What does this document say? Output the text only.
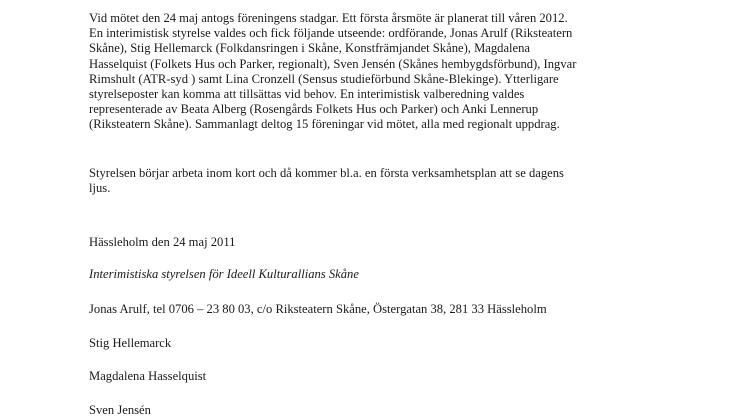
Vid mötet den 24 maj antogs föreningens stadgar. Ett första årsmöte är planerat till våren 2012.
En interimistisk styrelse valdes och fick följande utseende: ordförande, Jonas Arulf (Riksteatern
Skåne), Stig Hellemarck (Folkdansringen i Skåne, Konstfrämjandet Skåne), Magdalena
Hasselquist (Folkets Hus och Parker, regionalt), Sven Jensén (Skånes hembygdsförbund), Ingvar
Rimshult (ATR-syd ) samt Lina Cronzell (Sensus studieförbund Skåne-Blekinge). Ytterligare
styrelseposter kan komma att tillsättas vid behov. En interimistisk valberedning valdes
representerade av Beata Alberg (Rosengårds Folkets Hus och Parker) och Anki Lennerup
(Riksteatern Skåne). Sammanlagt deltog 15 föreningar vid mötet, alla med regionalt uppdrag.
Styrelsen börjar arbeta inom kort och då kommer bl.a. en första verksamhetsplan att se dagens
ljus.
Hässleholm den 24 maj 2011
Interimistiska styrelsen för Ideell Kulturallians Skåne
Jonas Arulf, tel 0706 – 23 80 03, c/o Riksteatern Skåne, Östergatan 38, 281 33 Hässleholm
Stig Hellemarck
Magdalena Hasselquist
Sven Jensén
